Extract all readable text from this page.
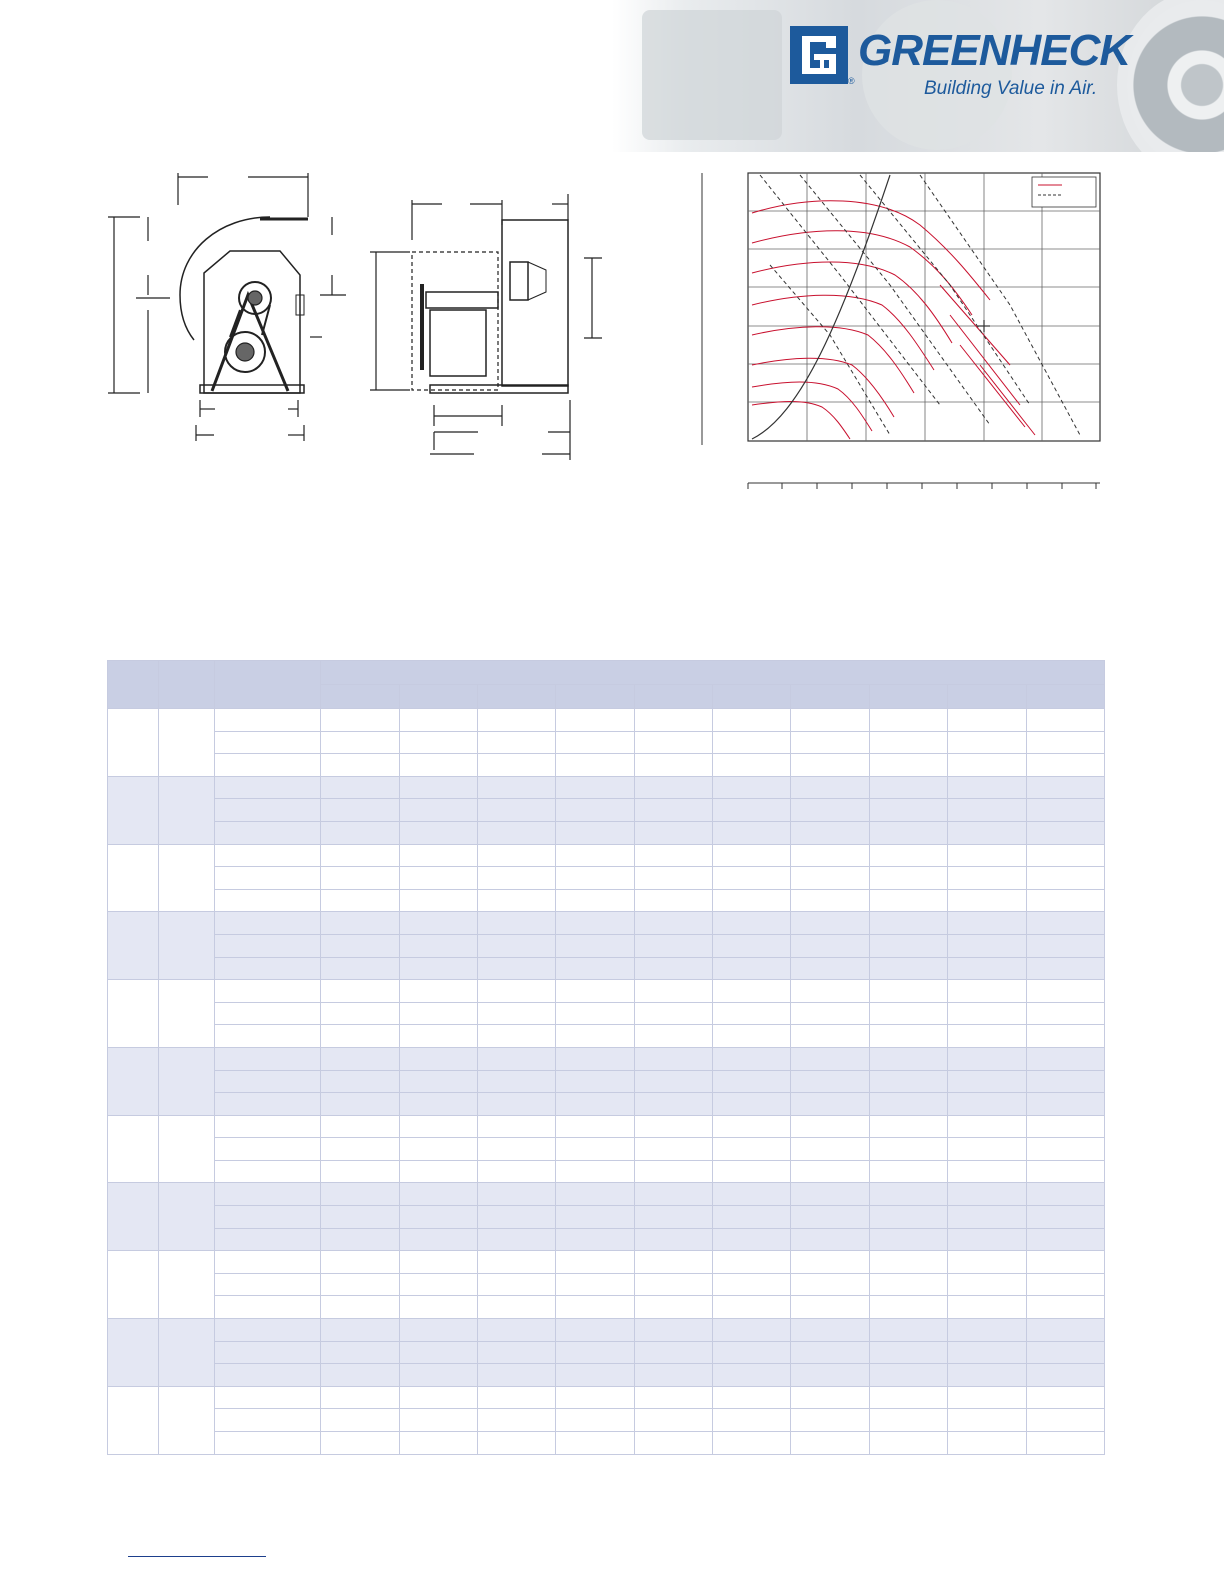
GREENHECK
®	Building Value in Air.
